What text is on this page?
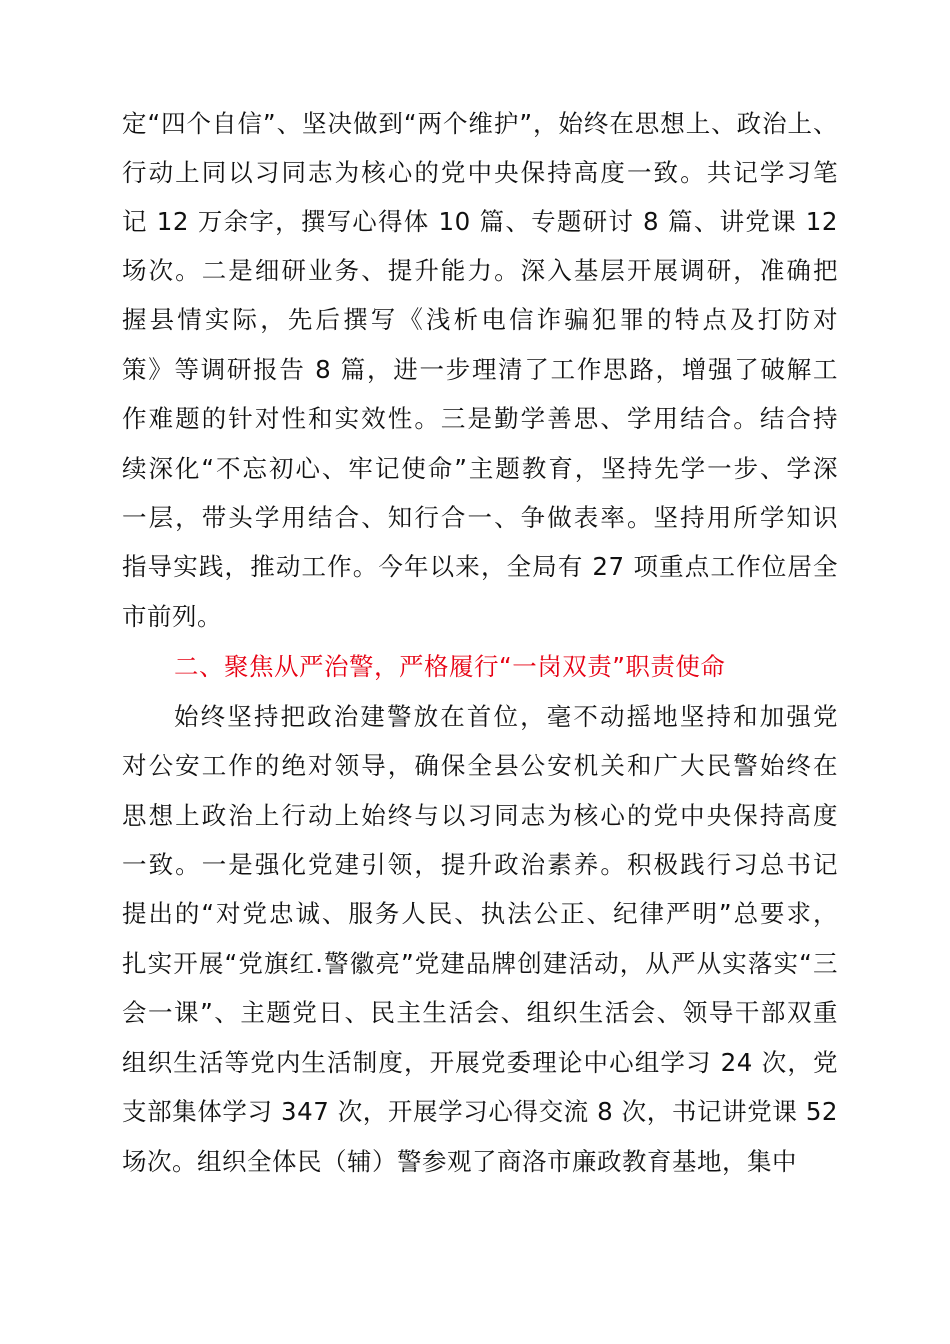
定“四个自信”、坚决做到“两个维护”，始终在思想上、政治上、
行动上同以习同志为核心的党中央保持高度一致。共记学习笔
记 12 万余字，撰写心得体 10 篇、专题研讨 8 篇、讲党课 12
场次。二是细研业务、提升能力。深入基层开展调研，准确把
握县情实际，先后撰写《浅析电信诈骗犯罪的特点及打防对
策》等调研报告 8 篇，进一步理清了工作思路，增强了破解工
作难题的针对性和实效性。三是勤学善思、学用结合。结合持
续深化“不忘初心、牢记使命”主题教育，坚持先学一步、学深
一层，带头学用结合、知行合一、争做表率。坚持用所学知识
指导实践，推动工作。今年以来，全局有 27 项重点工作位居全
市前列。
二、聚焦从严治警，严格履行“一岗双责”职责使命
始终坚持把政治建警放在首位，毫不动摇地坚持和加强党
对公安工作的绝对领导，确保全县公安机关和广大民警始终在
思想上政治上行动上始终与以习同志为核心的党中央保持高度
一致。一是强化党建引领，提升政治素养。积极践行习总书记
提出的“对党忠诚、服务人民、执法公正、纪律严明”总要求，
扎实开展“党旗红.警徽亮”党建品牌创建活动，从严从实落实“三
会一课”、主题党日、民主生活会、组织生活会、领导干部双重
组织生活等党内生活制度，开展党委理论中心组学习 24 次，党
支部集体学习 347 次，开展学习心得交流 8 次，书记讲党课 52
场次。组织全体民（辅）警参观了商洛市廉政教育基地，集中
